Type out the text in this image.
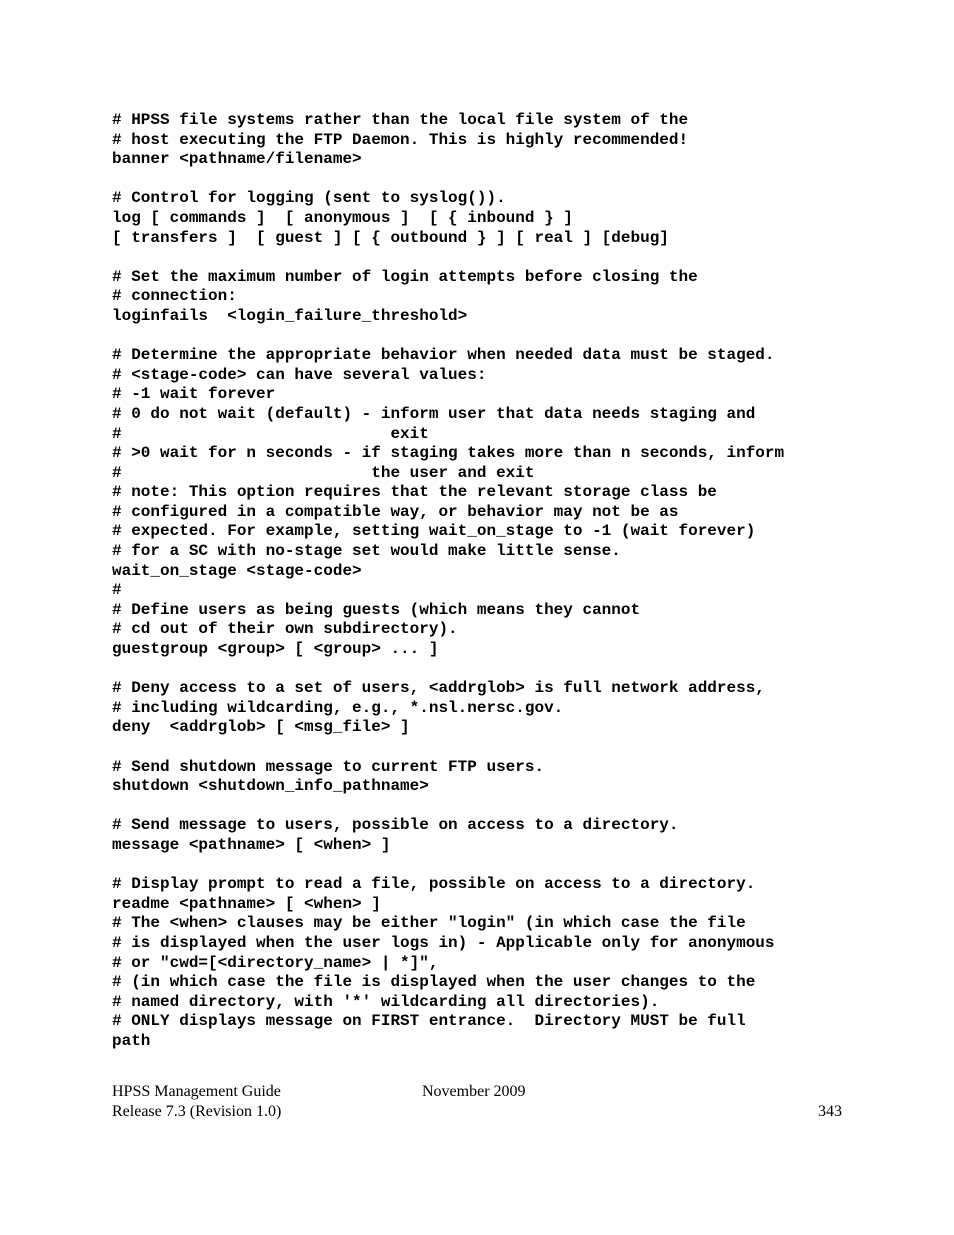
# HPSS file systems rather than the local file system of the
# host executing the FTP Daemon. This is highly recommended!
banner <pathname/filename>
# Control for logging (sent to syslog()).
log [ commands ]  [ anonymous ]  [ { inbound } ]
[ transfers ]  [ guest ] [ { outbound } ] [ real ] [debug]
# Set the maximum number of login attempts before closing the
# connection:
loginfails  <login_failure_threshold>
# Determine the appropriate behavior when needed data must be staged.
# <stage-code> can have several values:
# -1 wait forever
# 0 do not wait (default) - inform user that data needs staging and
#                            exit
# >0 wait for n seconds - if staging takes more than n seconds, inform
#                          the user and exit
# note: This option requires that the relevant storage class be
# configured in a compatible way, or behavior may not be as
# expected. For example, setting wait_on_stage to -1 (wait forever)
# for a SC with no-stage set would make little sense.
wait_on_stage <stage-code>
#
# Define users as being guests (which means they cannot
# cd out of their own subdirectory).
guestgroup <group> [ <group> ... ]
# Deny access to a set of users, <addrglob> is full network address,
# including wildcarding, e.g., *.nsl.nersc.gov.
deny  <addrglob> [ <msg_file> ]
# Send shutdown message to current FTP users.
shutdown <shutdown_info_pathname>
# Send message to users, possible on access to a directory.
message <pathname> [ <when> ]
# Display prompt to read a file, possible on access to a directory.
readme <pathname> [ <when> ]
# The <when> clauses may be either "login" (in which case the file
# is displayed when the user logs in) - Applicable only for anonymous
# or "cwd=[<directory_name> | *]",
# (in which case the file is displayed when the user changes to the
# named directory, with '*' wildcarding all directories).
# ONLY displays message on FIRST entrance.  Directory MUST be full
path
HPSS Management Guide	November 2009
Release 7.3 (Revision 1.0)	343
